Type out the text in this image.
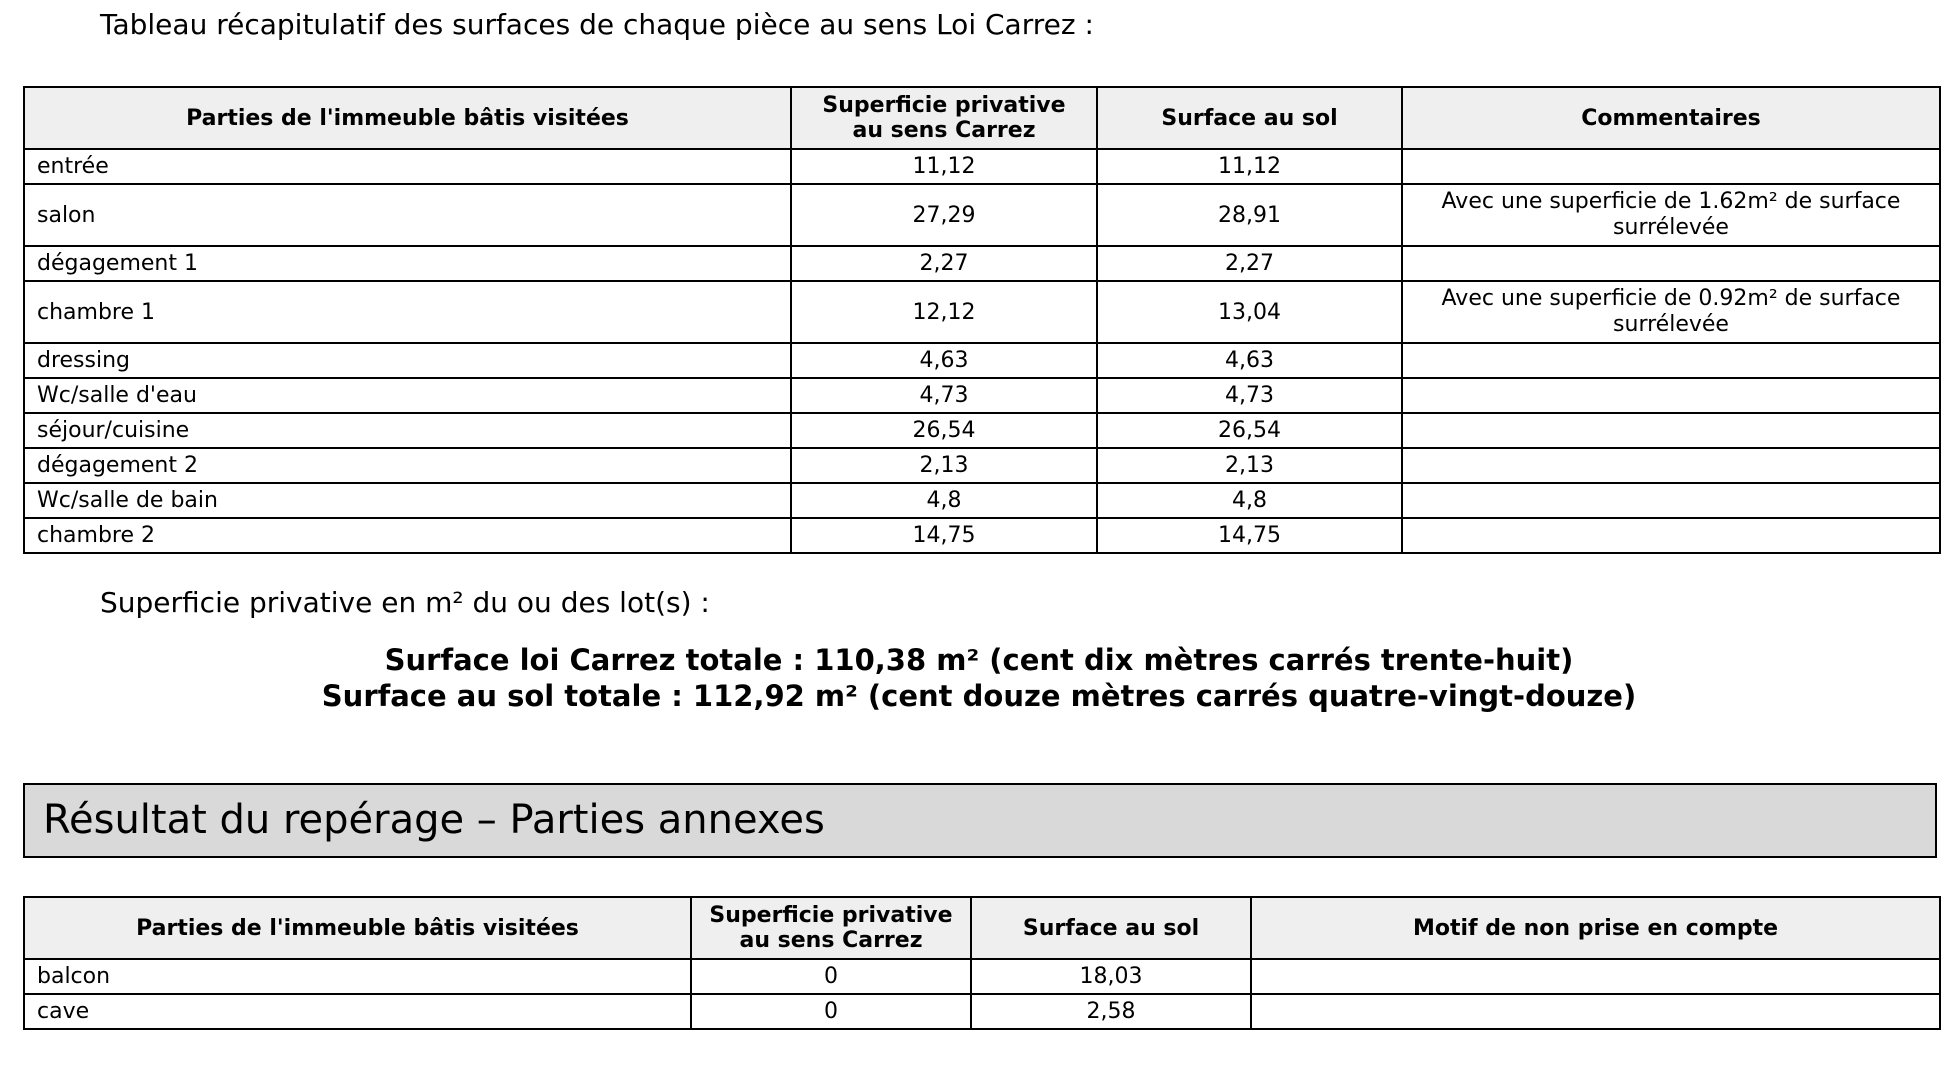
Tableau récapitulatif des surfaces de chaque pièce au sens Loi Carrez :
Parties de l'immeuble bâtis visitées	Superficie privative au sens Carrez	Surface au sol	Commentaires
entrée	11,12	11,12	
salon	27,29	28,91	Avec une superficie de 1.62m² de surface surrélevée
dégagement 1	2,27	2,27	
chambre 1	12,12	13,04	Avec une superficie de 0.92m² de surface surrélevée
dressing	4,63	4,63	
Wc/salle d'eau	4,73	4,73	
séjour/cuisine	26,54	26,54	
dégagement 2	2,13	2,13	
Wc/salle de bain	4,8	4,8	
chambre 2	14,75	14,75	
Superficie privative en m² du ou des lot(s) :
Surface loi Carrez totale : 110,38 m² (cent dix mètres carrés trente-huit)
Surface au sol totale : 112,92 m² (cent douze mètres carrés quatre-vingt-douze)
Résultat du repérage – Parties annexes
Parties de l'immeuble bâtis visitées	Superficie privative au sens Carrez	Surface au sol	Motif de non prise en compte
balcon	0	18,03	
cave	0	2,58	
